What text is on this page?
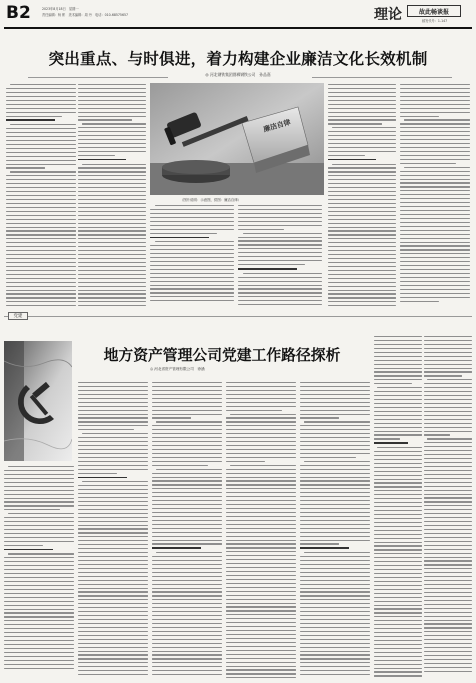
B2	2023年8月18日　星期一
责任编辑：杨 彬　美术编辑：周 丹　电话：010-68575657	理论	故此畅谈报
邮发代号：1-147
突出重点、与时俱进，着力构建企业廉洁文化长效机制
◎ 河北钢铁集团邯郸钢铁公司　孙品嘉
廉洁自律
（图片说明：示意图，供图：廉洁自律）
党建
地方资产管理公司党建工作路径探析
◎ 河北省资产管理有限公司　徐涵
